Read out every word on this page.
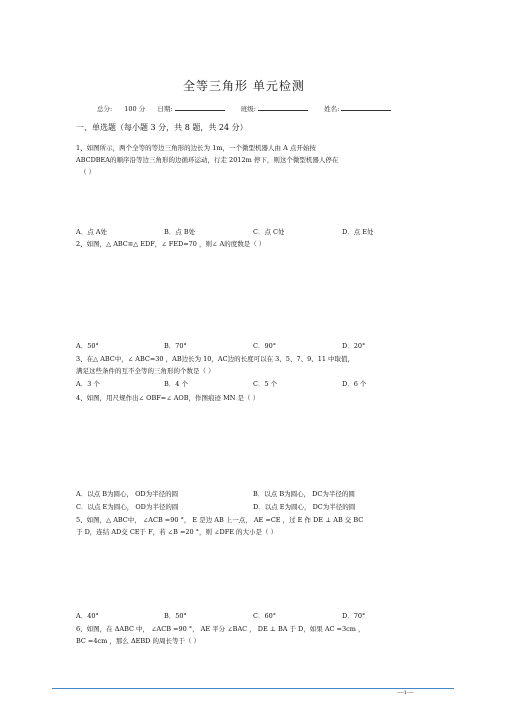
全等三角形 单元检测
总分: 100 分 日期:	班级:	姓名:
一、单选题（每小题 3 分，共 8 题，共 24 分）
1、如图所示，两个全等的等边三角形的边长为 1m，一个微型机器人由 A 点开始按
ABCDBEA的顺序沿等边三角形的边循环运动，行走 2012m 停下，则这个微型机器人停在
（ ）
A．点 A处	B．点 B处	C．点 C处	D．点 E处
2、如图，△ ABC≌△ EDF，∠ FED=70 ，则∠ A的度数是（ ）
A．50°	B．70°	C．90°	D．20°
3、在△ ABC中，∠ ABC=30 ，AB边长为 10，AC边的长度可以在 3、5、7、9、11 中取值，
满足这些条件的互不全等的三角形的个数是（ ）
A．3 个	B．4 个	C．5 个	D．6 个
4、如图，用尺规作出∠ OBF=∠ AOB，作图痕迹 MN 是（ ）
A．以点 B为圆心， OD为半径的圆	B．以点 B为圆心， DC为半径的圆
C．以点 E为圆心， OD为半径的圆	D．以点 E为圆心， DC为半径的圆
5、如图，△ ABC中， ∠ACB =90 °， E 是边 AB 上一点， AE =CE ，过 E 作 DE ⊥ AB 交 BC
于 D，连结 AD交 CE于 F，若 ∠B =20 °，则 ∠DFE 的大小是（ ）
A．40°	B．50°	C．60°	D．70°
6、如图，在 ΔABC 中， ∠ACB =90 °， AE 平分 ∠BAC ， DE ⊥ BA 于 D，如果 AC =3cm ，
BC =4cm ，那么 ΔEBD 的周长等于（ ）
----1----
